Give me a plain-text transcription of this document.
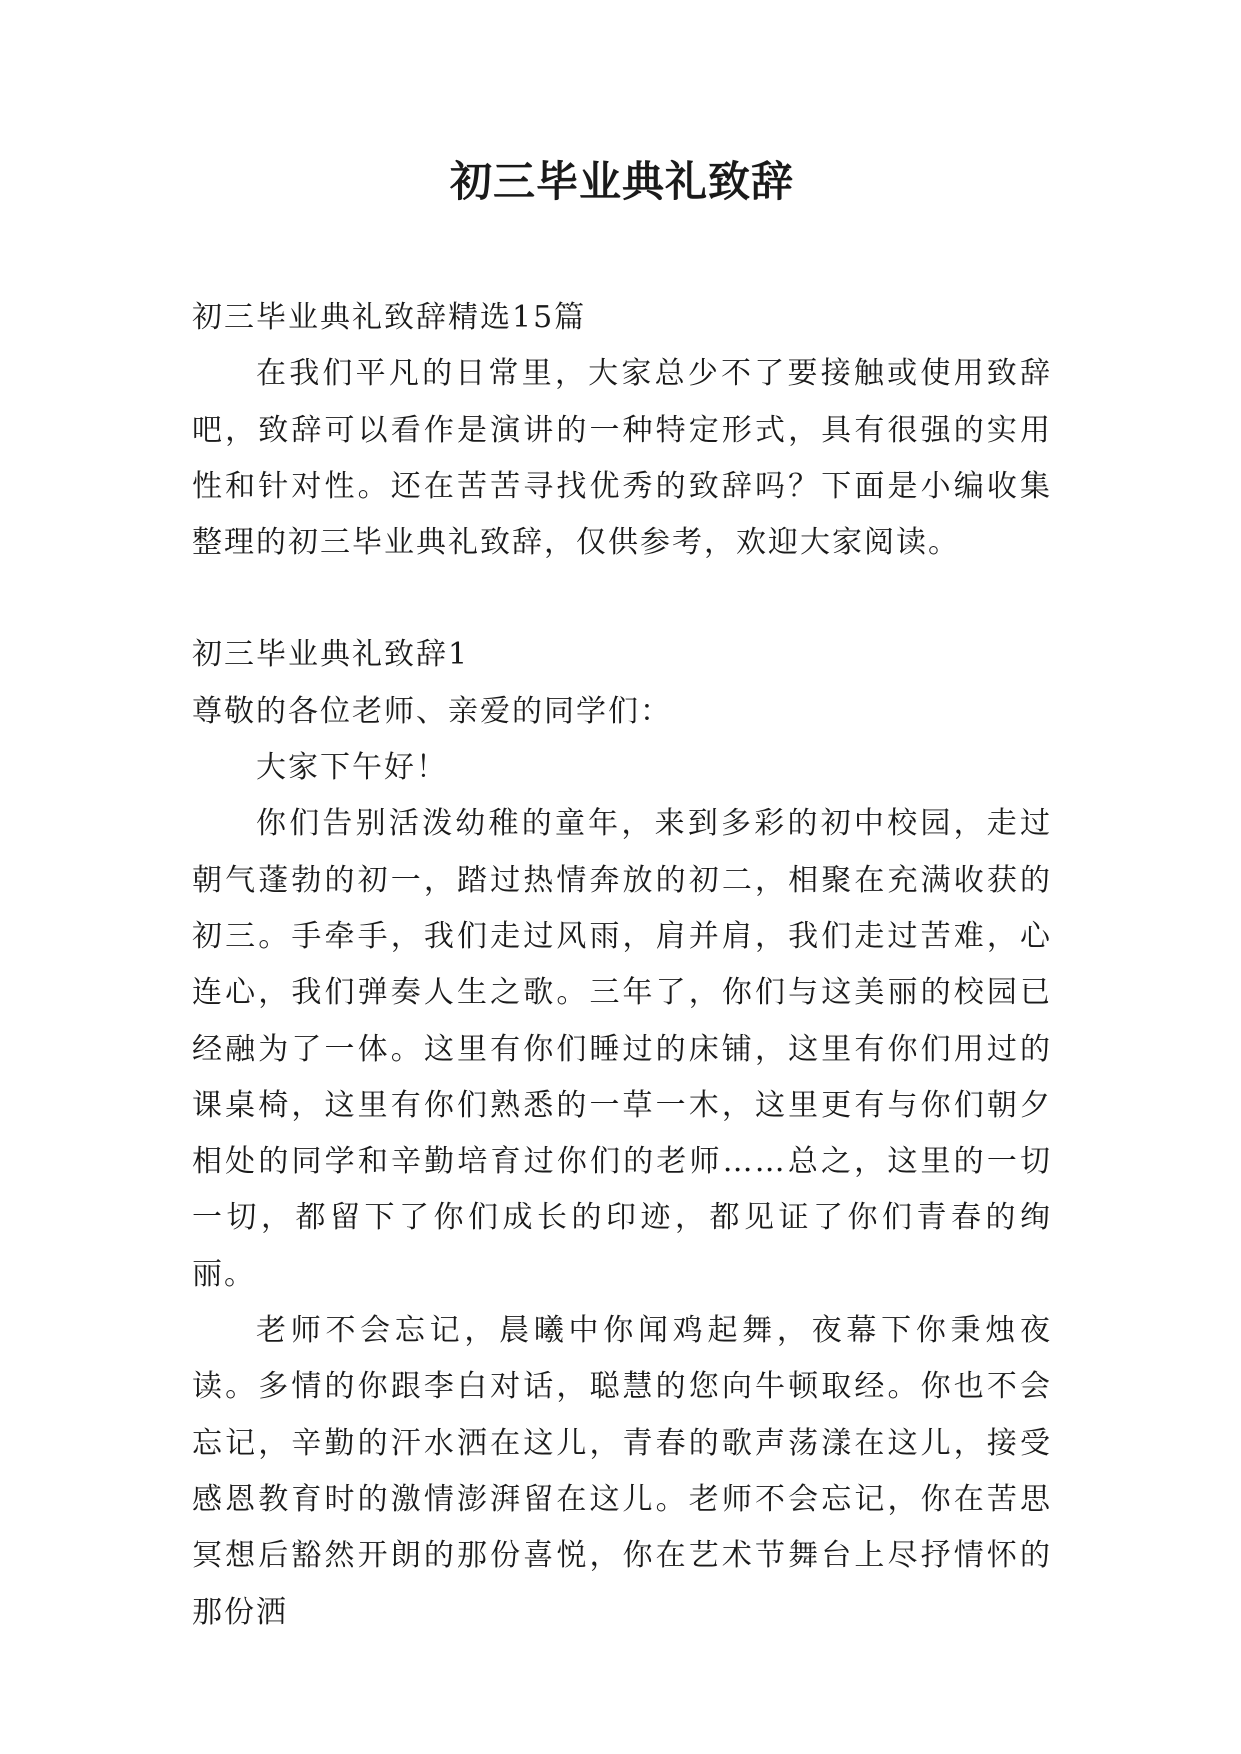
初三毕业典礼致辞

初三毕业典礼致辞精选15篇

在我们平凡的日常里，大家总少不了要接触或使用致辞吧，致辞可以看作是演讲的一种特定形式，具有很强的实用性和针对性。还在苦苦寻找优秀的致辞吗？下面是小编收集整理的初三毕业典礼致辞，仅供参考，欢迎大家阅读。

初三毕业典礼致辞1

尊敬的各位老师、亲爱的同学们：

大家下午好！

你们告别活泼幼稚的童年，来到多彩的初中校园，走过朝气蓬勃的初一，踏过热情奔放的初二，相聚在充满收获的初三。手牵手，我们走过风雨，肩并肩，我们走过苦难，心连心，我们弹奏人生之歌。三年了，你们与这美丽的校园已经融为了一体。这里有你们睡过的床铺，这里有你们用过的课桌椅，这里有你们熟悉的一草一木，这里更有与你们朝夕相处的同学和辛勤培育过你们的老师……总之，这里的一切一切，都留下了你们成长的印迹，都见证了你们青春的绚丽。

老师不会忘记，晨曦中你闻鸡起舞，夜幕下你秉烛夜读。多情的你跟李白对话，聪慧的您向牛顿取经。你也不会忘记，辛勤的汗水洒在这儿，青春的歌声荡漾在这儿，接受感恩教育时的激情澎湃留在这儿。老师不会忘记，你在苦思冥想后豁然开朗的那份喜悦，你在艺术节舞台上尽抒情怀的那份洒
